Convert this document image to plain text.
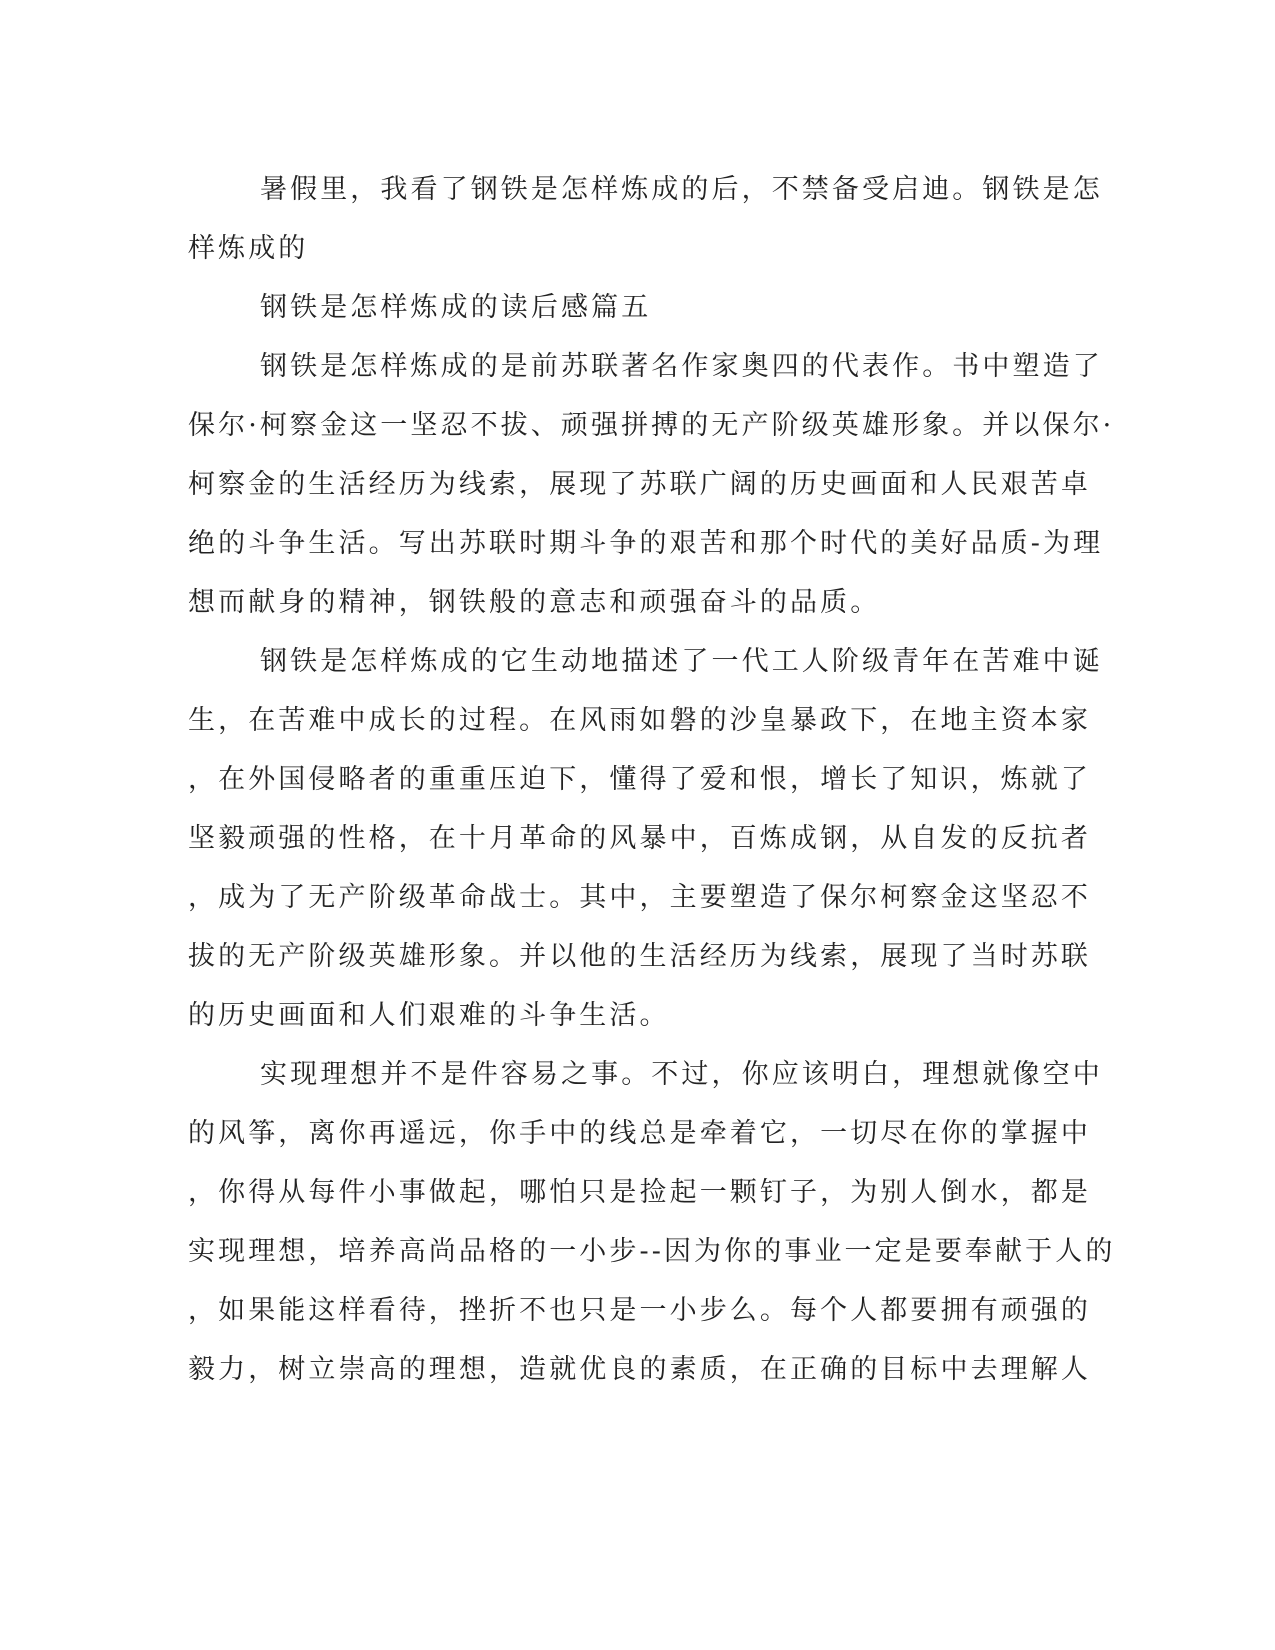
暑假里，我看了钢铁是怎样炼成的后，不禁备受启迪。钢铁是怎
样炼成的

钢铁是怎样炼成的读后感篇五

钢铁是怎样炼成的是前苏联著名作家奥四的代表作。书中塑造了
保尔·柯察金这一坚忍不拔、顽强拼搏的无产阶级英雄形象。并以保尔·
柯察金的生活经历为线索，展现了苏联广阔的历史画面和人民艰苦卓
绝的斗争生活。写出苏联时期斗争的艰苦和那个时代的美好品质-为理
想而献身的精神，钢铁般的意志和顽强奋斗的品质。

钢铁是怎样炼成的它生动地描述了一代工人阶级青年在苦难中诞
生，在苦难中成长的过程。在风雨如磐的沙皇暴政下，在地主资本家
，在外国侵略者的重重压迫下，懂得了爱和恨，增长了知识，炼就了
坚毅顽强的性格，在十月革命的风暴中，百炼成钢，从自发的反抗者
，成为了无产阶级革命战士。其中，主要塑造了保尔柯察金这坚忍不
拔的无产阶级英雄形象。并以他的生活经历为线索，展现了当时苏联
的历史画面和人们艰难的斗争生活。

实现理想并不是件容易之事。不过，你应该明白，理想就像空中
的风筝，离你再遥远，你手中的线总是牵着它，一切尽在你的掌握中
，你得从每件小事做起，哪怕只是捡起一颗钉子，为别人倒水，都是
实现理想，培养高尚品格的一小步--因为你的事业一定是要奉献于人的
，如果能这样看待，挫折不也只是一小步么。每个人都要拥有顽强的
毅力，树立崇高的理想，造就优良的素质，在正确的目标中去理解人
